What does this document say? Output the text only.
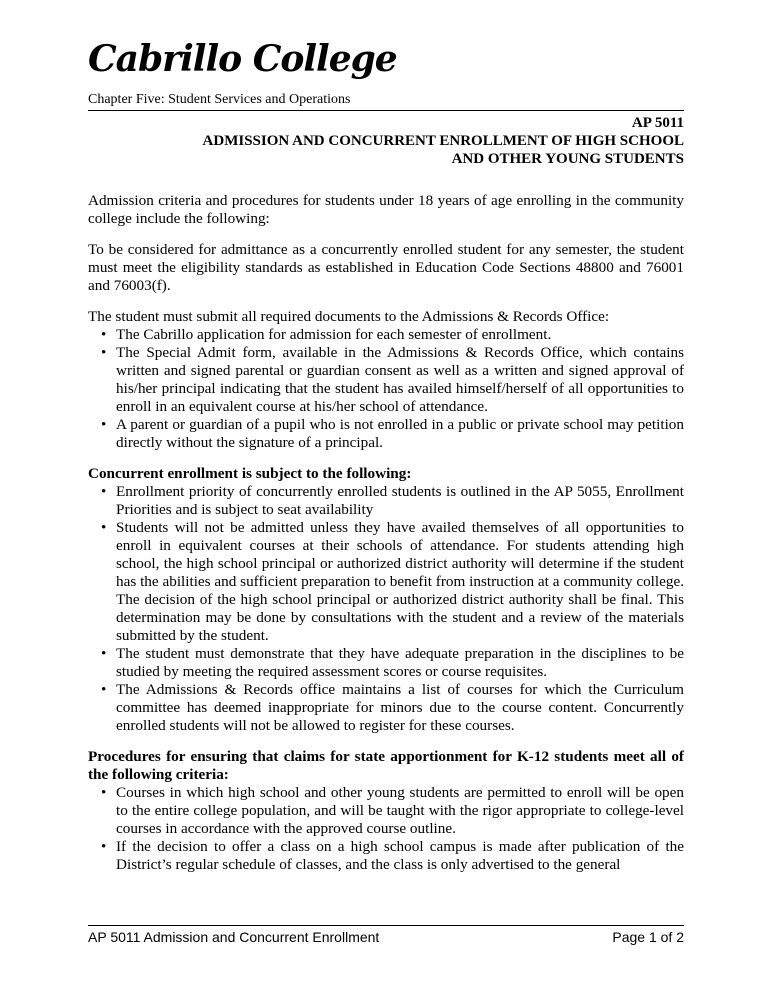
Cabrillo College
Chapter Five: Student Services and Operations
AP 5011
ADMISSION AND CONCURRENT ENROLLMENT OF HIGH SCHOOL
AND OTHER YOUNG STUDENTS

Admission criteria and procedures for students under 18 years of age enrolling in the community college include the following:

To be considered for admittance as a concurrently enrolled student for any semester, the student must meet the eligibility standards as established in Education Code Sections 48800 and 76001 and 76003(f).

The student must submit all required documents to the Admissions & Records Office:

• The Cabrillo application for admission for each semester of enrollment.
• The Special Admit form, available in the Admissions & Records Office, which contains written and signed parental or guardian consent as well as a written and signed approval of his/her principal indicating that the student has availed himself/herself of all opportunities to enroll in an equivalent course at his/her school of attendance.
• A parent or guardian of a pupil who is not enrolled in a public or private school may petition directly without the signature of a principal.

Concurrent enrollment is subject to the following:

• Enrollment priority of concurrently enrolled students is outlined in the AP 5055, Enrollment Priorities and is subject to seat availability
• Students will not be admitted unless they have availed themselves of all opportunities to enroll in equivalent courses at their schools of attendance. For students attending high school, the high school principal or authorized district authority will determine if the student has the abilities and sufficient preparation to benefit from instruction at a community college. The decision of the high school principal or authorized district authority shall be final. This determination may be done by consultations with the student and a review of the materials submitted by the student.
• The student must demonstrate that they have adequate preparation in the disciplines to be studied by meeting the required assessment scores or course requisites.
• The Admissions & Records office maintains a list of courses for which the Curriculum committee has deemed inappropriate for minors due to the course content. Concurrently enrolled students will not be allowed to register for these courses.

Procedures for ensuring that claims for state apportionment for K-12 students meet all of the following criteria:

• Courses in which high school and other young students are permitted to enroll will be open to the entire college population, and will be taught with the rigor appropriate to college-level courses in accordance with the approved course outline.
• If the decision to offer a class on a high school campus is made after publication of the District’s regular schedule of classes, and the class is only advertised to the general
AP 5011 Admission and Concurrent Enrollment	Page 1 of 2
